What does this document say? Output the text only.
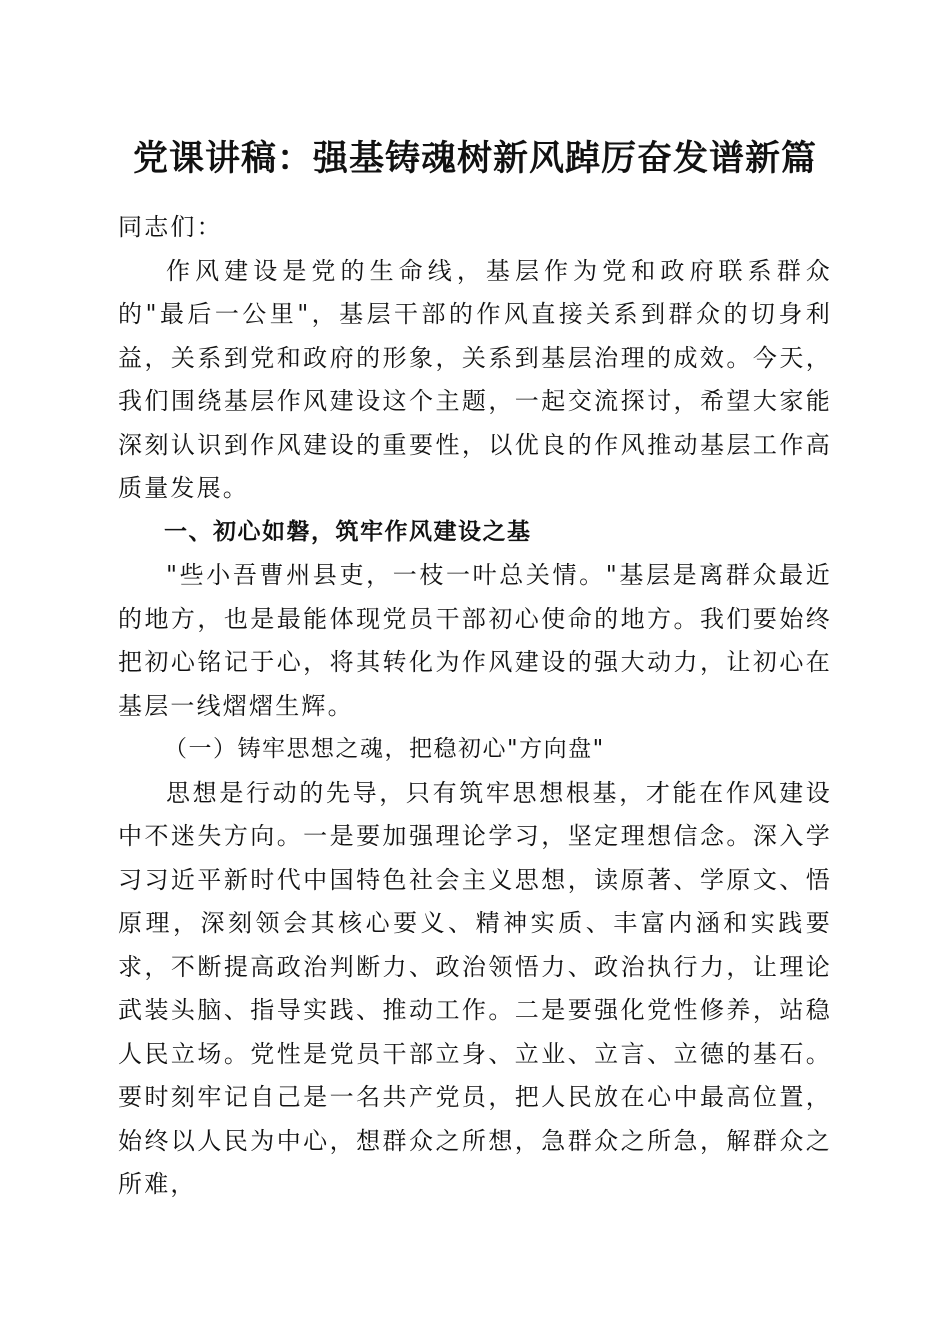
党课讲稿：强基铸魂树新风踔厉奋发谱新篇

同志们：

作风建设是党的生命线，基层作为党和政府联系群众的"最后一公里"，基层干部的作风直接关系到群众的切身利益，关系到党和政府的形象，关系到基层治理的成效。今天，我们围绕基层作风建设这个主题，一起交流探讨，希望大家能深刻认识到作风建设的重要性，以优良的作风推动基层工作高质量发展。

一、初心如磐，筑牢作风建设之基

"些小吾曹州县吏，一枝一叶总关情。"基层是离群众最近的地方，也是最能体现党员干部初心使命的地方。我们要始终把初心铭记于心，将其转化为作风建设的强大动力，让初心在基层一线熠熠生辉。

（一）铸牢思想之魂，把稳初心"方向盘"

思想是行动的先导，只有筑牢思想根基，才能在作风建设中不迷失方向。一是要加强理论学习，坚定理想信念。深入学习习近平新时代中国特色社会主义思想，读原著、学原文、悟原理，深刻领会其核心要义、精神实质、丰富内涵和实践要求，不断提高政治判断力、政治领悟力、政治执行力，让理论武装头脑、指导实践、推动工作。二是要强化党性修养，站稳人民立场。党性是党员干部立身、立业、立言、立德的基石。要时刻牢记自己是一名共产党员，把人民放在心中最高位置，始终以人民为中心，想群众之所想，急群众之所急，解群众之所难，
